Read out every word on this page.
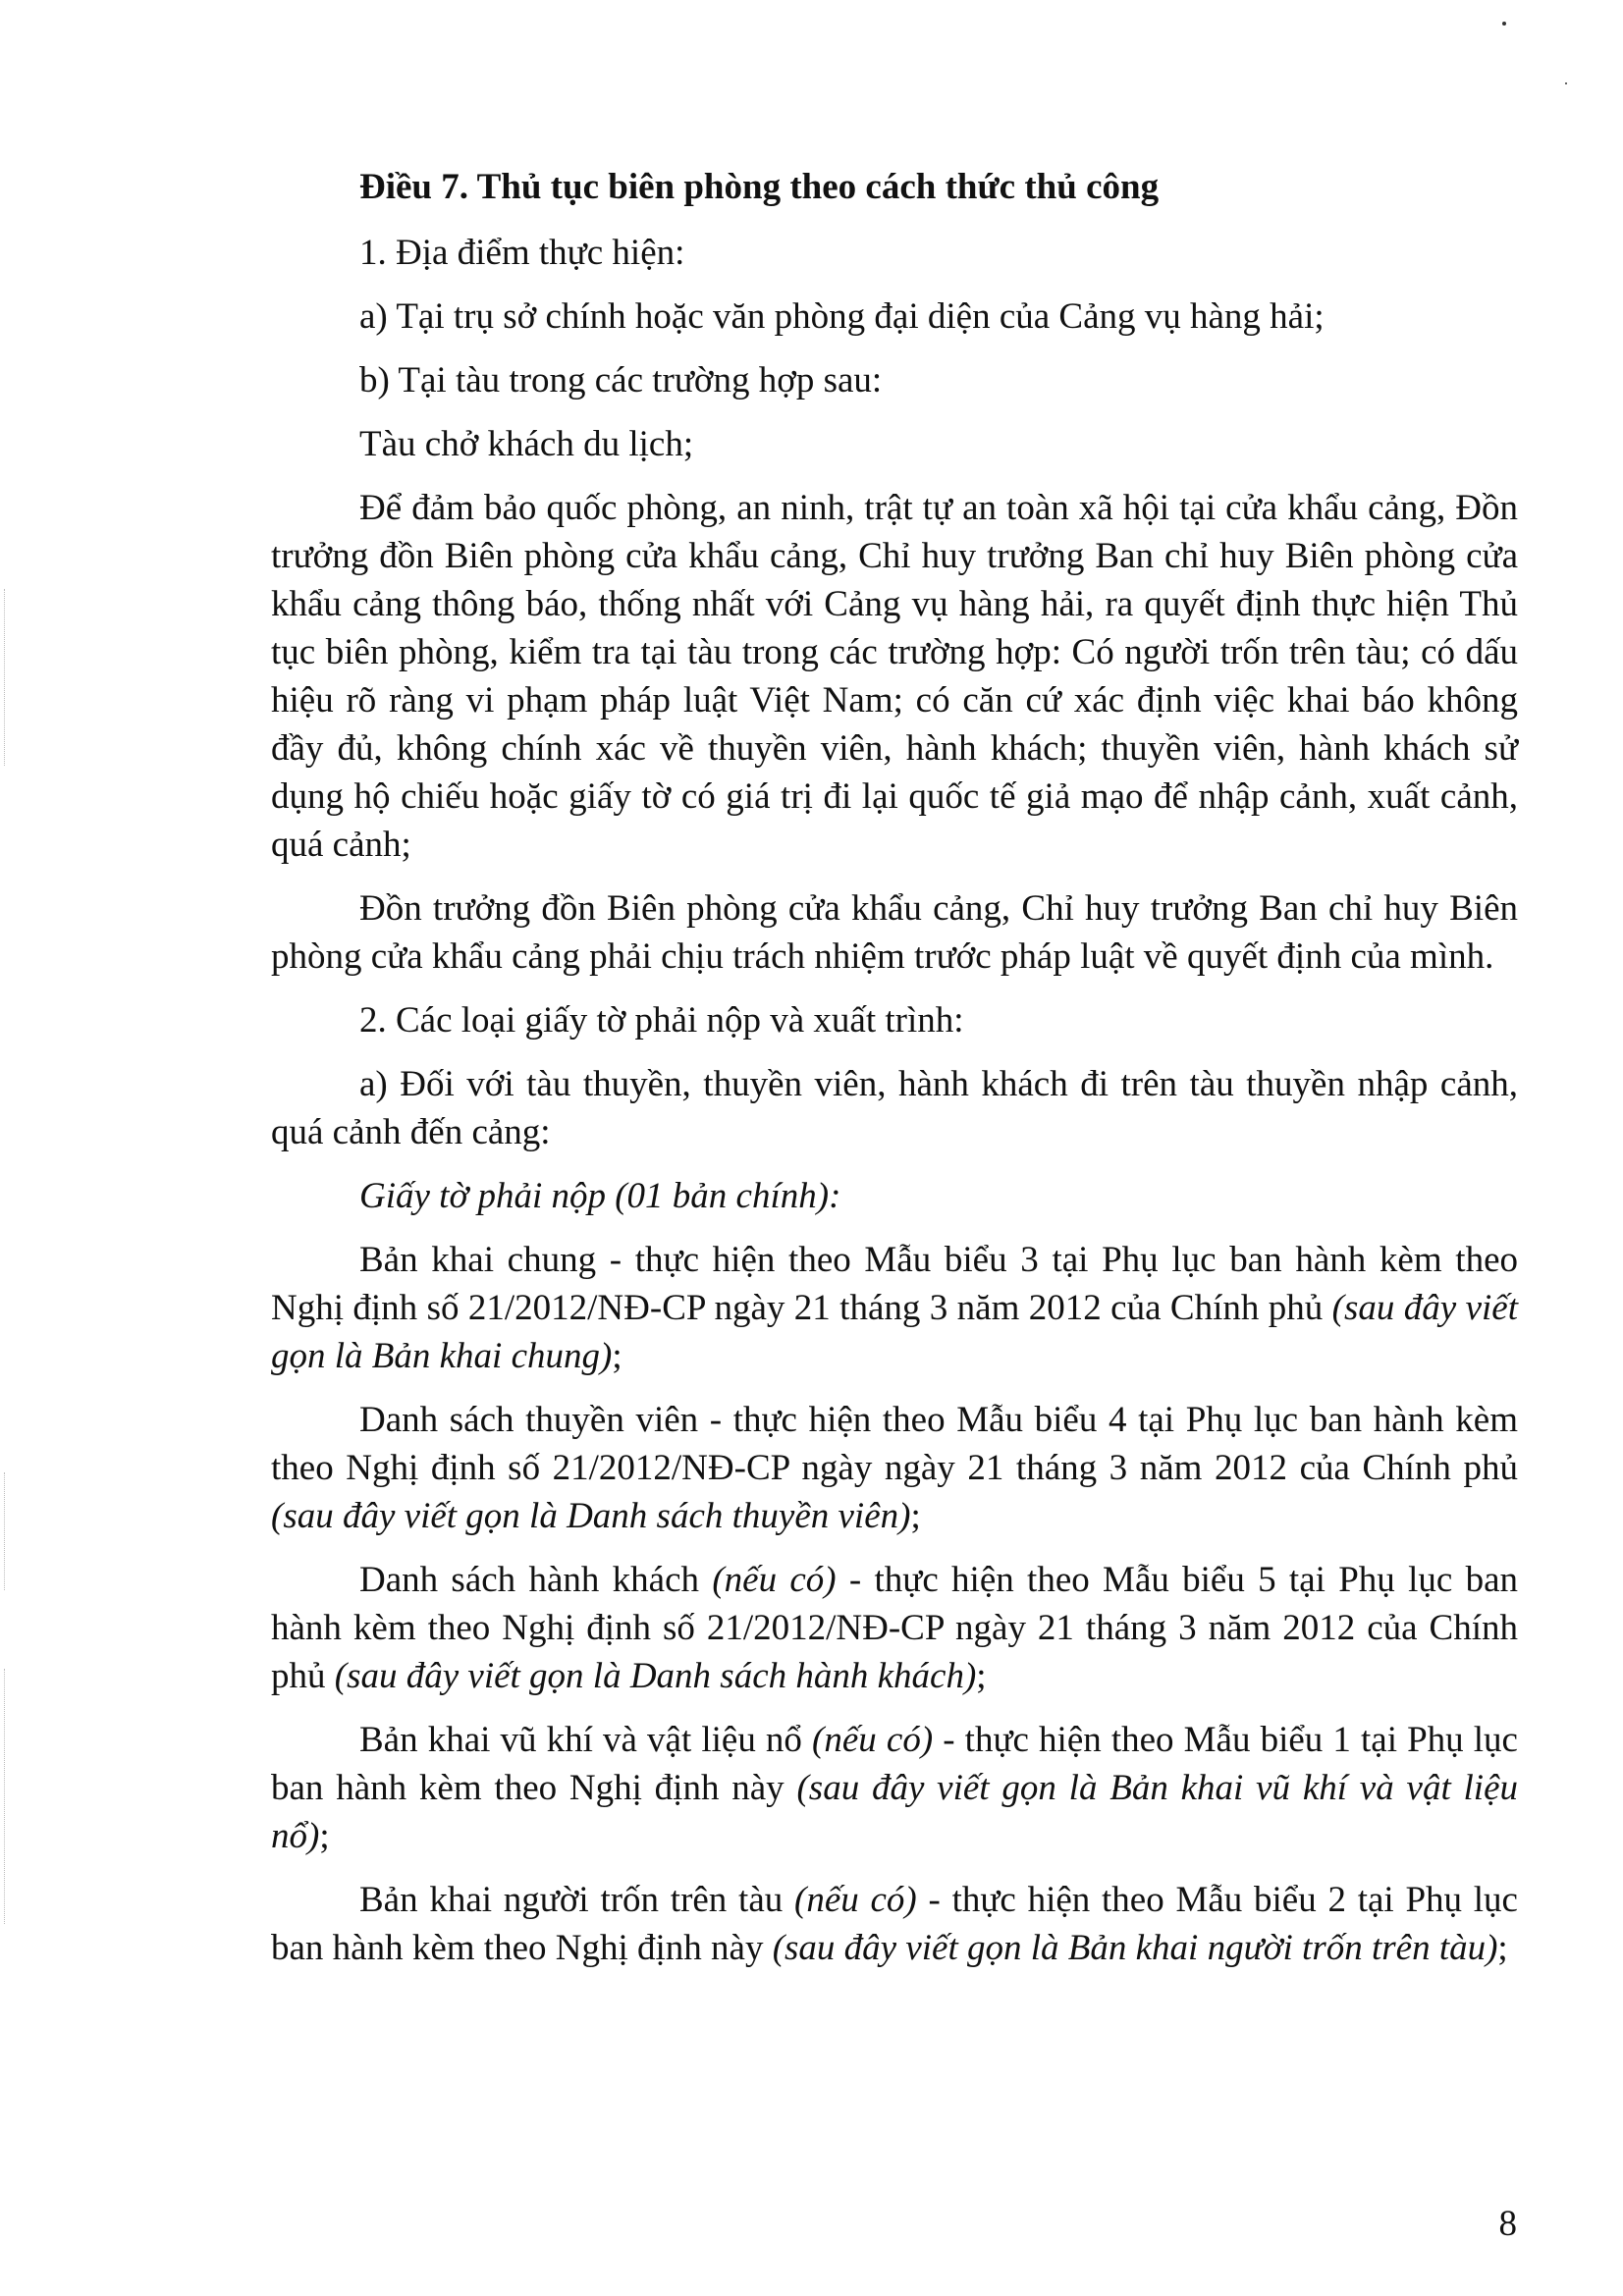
Điều 7. Thủ tục biên phòng theo cách thức thủ công

1. Địa điểm thực hiện:

a) Tại trụ sở chính hoặc văn phòng đại diện của Cảng vụ hàng hải;

b) Tại tàu trong các trường hợp sau:

Tàu chở khách du lịch;

Để đảm bảo quốc phòng, an ninh, trật tự an toàn xã hội tại cửa khẩu cảng, Đồn trưởng đồn Biên phòng cửa khẩu cảng, Chỉ huy trưởng Ban chỉ huy Biên phòng cửa khẩu cảng thông báo, thống nhất với Cảng vụ hàng hải, ra quyết định thực hiện Thủ tục biên phòng, kiểm tra tại tàu trong các trường hợp: Có người trốn trên tàu; có dấu hiệu rõ ràng vi phạm pháp luật Việt Nam; có căn cứ xác định việc khai báo không đầy đủ, không chính xác về thuyền viên, hành khách; thuyền viên, hành khách sử dụng hộ chiếu hoặc giấy tờ có giá trị đi lại quốc tế giả mạo để nhập cảnh, xuất cảnh, quá cảnh;

Đồn trưởng đồn Biên phòng cửa khẩu cảng, Chỉ huy trưởng Ban chỉ huy Biên phòng cửa khẩu cảng phải chịu trách nhiệm trước pháp luật về quyết định của mình.

2. Các loại giấy tờ phải nộp và xuất trình:

a) Đối với tàu thuyền, thuyền viên, hành khách đi trên tàu thuyền nhập cảnh, quá cảnh đến cảng:

Giấy tờ phải nộp (01 bản chính):

Bản khai chung - thực hiện theo Mẫu biểu 3 tại Phụ lục ban hành kèm theo Nghị định số 21/2012/NĐ-CP ngày 21 tháng 3 năm 2012 của Chính phủ (sau đây viết gọn là Bản khai chung);

Danh sách thuyền viên - thực hiện theo Mẫu biểu 4 tại Phụ lục ban hành kèm theo Nghị định số 21/2012/NĐ-CP ngày ngày 21 tháng 3 năm 2012 của Chính phủ (sau đây viết gọn là Danh sách thuyền viên);

Danh sách hành khách (nếu có) - thực hiện theo Mẫu biểu 5 tại Phụ lục ban hành kèm theo Nghị định số 21/2012/NĐ-CP ngày 21 tháng 3 năm 2012 của Chính phủ (sau đây viết gọn là Danh sách hành khách);

Bản khai vũ khí và vật liệu nổ (nếu có) - thực hiện theo Mẫu biểu 1 tại Phụ lục ban hành kèm theo Nghị định này (sau đây viết gọn là Bản khai vũ khí và vật liệu nổ);

Bản khai người trốn trên tàu (nếu có) - thực hiện theo Mẫu biểu 2 tại Phụ lục ban hành kèm theo Nghị định này (sau đây viết gọn là Bản khai người trốn trên tàu);

8
